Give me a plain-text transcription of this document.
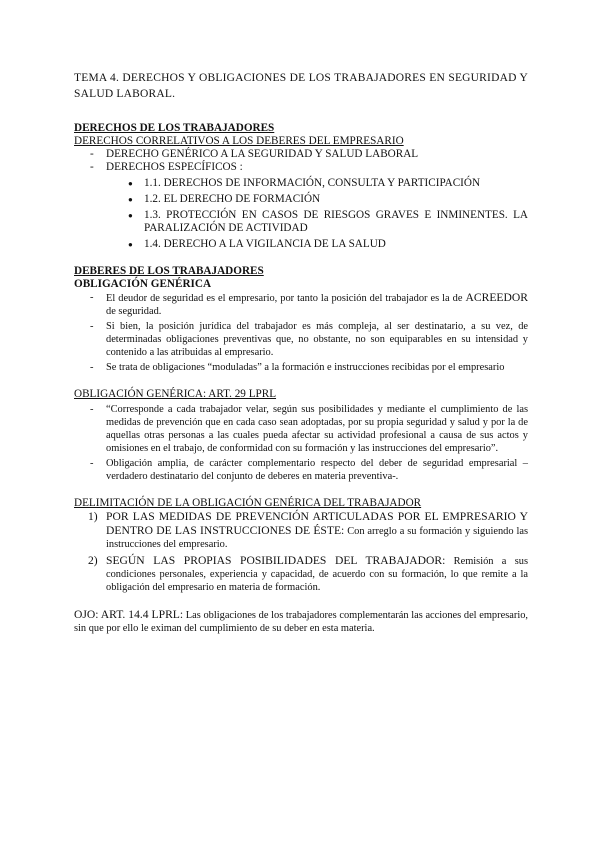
TEMA 4. DERECHOS Y OBLIGACIONES DE LOS TRABAJADORES EN SEGURIDAD Y SALUD LABORAL.

DERECHOS DE LOS TRABAJADORES
DERECHOS CORRELATIVOS A LOS DEBERES DEL EMPRESARIO
- DERECHO GENÉRICO A LA SEGURIDAD Y SALUD LABORAL
- DERECHOS ESPECÍFICOS :
● 1.1. DERECHOS DE INFORMACIÓN, CONSULTA Y PARTICIPACIÓN
● 1.2. EL DERECHO DE FORMACIÓN
● 1.3. PROTECCIÓN EN CASOS DE RIESGOS GRAVES E INMINENTES. LA PARALIZACIÓN DE ACTIVIDAD
● 1.4. DERECHO A LA VIGILANCIA DE LA SALUD
DEBERES DE LOS TRABAJADORES
OBLIGACIÓN GENÉRICA
- El deudor de seguridad es el empresario, por tanto la posición del trabajador es la de ACREEDOR de seguridad.
- Si bien, la posición jurídica del trabajador es más compleja, al ser destinatario, a su vez, de determinadas obligaciones preventivas que, no obstante, no son equiparables en su intensidad y contenido a las atribuidas al empresario.
- Se trata de obligaciones “moduladas” a la formación e instrucciones recibidas por el empresario
OBLIGACIÓN GENÉRICA: ART. 29 LPRL
- “Corresponde a cada trabajador velar, según sus posibilidades y mediante el cumplimiento de las medidas de prevención que en cada caso sean adoptadas, por su propia seguridad y salud y por la de aquellas otras personas a las cuales pueda afectar su actividad profesional a causa de sus actos y omisiones en el trabajo, de conformidad con su formación y las instrucciones del empresario”.
- Obligación amplia, de carácter complementario respecto del deber de seguridad empresarial –verdadero destinatario del conjunto de deberes en materia preventiva-.
DELIMITACIÓN DE LA OBLIGACIÓN GENÉRICA DEL TRABAJADOR
1) POR LAS MEDIDAS DE PREVENCIÓN ARTICULADAS POR EL EMPRESARIO Y DENTRO DE LAS INSTRUCCIONES DE ÉSTE: Con arreglo a su formación y siguiendo las instrucciones del empresario.
2) SEGÚN LAS PROPIAS POSIBILIDADES DEL TRABAJADOR: Remisión a sus condiciones personales, experiencia y capacidad, de acuerdo con su formación, lo que remite a la obligación del empresario en materia de formación.

OJO: ART. 14.4 LPRL: Las obligaciones de los trabajadores complementarán las acciones del empresario, sin que por ello le eximan del cumplimiento de su deber en esta materia.
